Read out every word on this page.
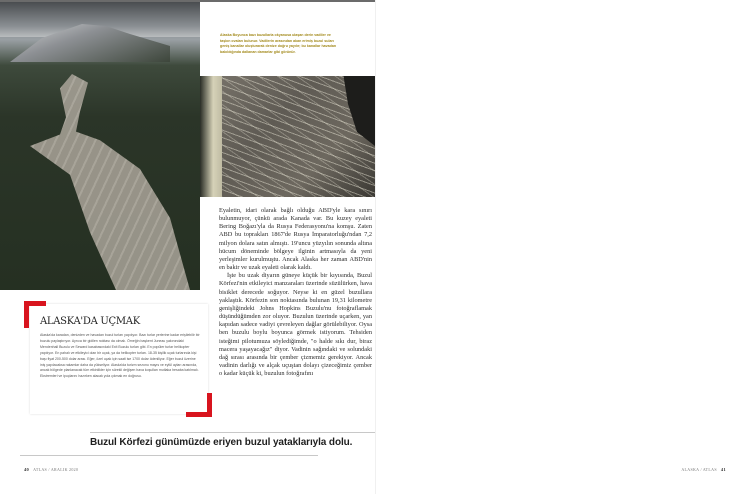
Alaska Boyunca bazı buzullarla okyanusa ulaşan derin vadiler ve taşkın ovaları bulunur. Vadilerin arasından akan erimiş buzul suları geniş kanallar oluşturarak denize doğru yayılır; bu kanallar havadan bakıldığında dallanan damarlar gibi görünür.

Eyaletin, idari olarak bağlı olduğu ABD'yle kara sınırı bulunmuyor, çünkü arada Kanada var. Bu kuzey eyaleti Bering Boğazı'yla da Rusya Federasyonu'na komşu. Zaten ABD bu toprakları 1867'de Rusya İmparatorluğu'ndan 7,2 milyon dolara satın almıştı. 19'uncu yüzyılın sonunda altına hücum döneminde bölgeye ilginin artmasıyla da yeni yerleşimler kurulmuştu. Ancak Alaska her zaman ABD'nin en bakir ve uzak eyaleti olarak kaldı.

İşte bu uzak diyarın güneye küçük bir kıyısında, Buzul Körfezi'nin etkileyici manzaraları üzerinde süzülürken, hava bisiklet derecede soğuyor. Neyse ki en güzel buzullara yaklaştık. Körfezin son noktasında bulunan 19,31 kilometre genişliğindeki Johns Hopkins Buzulu'nu fotoğraflamak düşündüğümden zor oluyor. Buzulun üzerinde uçarken, yan kapıdan sadece vadiyi çevreleyen dağlar görülebiliyor. Oysa ben buzulu boylu boyunca görmek istiyorum. Tehsiden isteğimi pilotumuza söylediğimde, "o halde sıkı dur, biraz macera yaşayacağız" diyor. Vadinin sağındaki ve solundaki dağ sırası arasında bir çember çizmemiz gerekiyor. Ancak vadinin darlığı ve alçak uçuştan dolayı çizeceğimiz çember o kadar küçük ki, buzulun fotoğrafını

ALASKA'DA UÇMAK
Alaska'da karadan, denizden ve havadan buzul turları yapılıyor. Bazı turlar yerlerine kadar erişilebilir bir buzulu paylaştırıyor. Ayrıca bir gidilen noktası da olmalı. Örneğin başkent Juneau yakınındaki Mendenhall Buzulu ve Seward kasabasındaki Exit Buzulu turları gibi. En popüler turlar helikopter yapılıyor. En pahalı ve etkileyici olan bir uçak, ya da helikopter turları. 18-35 kişilik uçak turlarında kişi başı fiyat 200-500 dolar arası. Eğer, özel uçak için saati ise 1700 dolar ödeniliyor. Eğer buzul üzerine iniş yapılacaksa rakamlar daha da yükseliyor. Alaska'da turizm sezonu mayıs ve eylül ayları arasında, ancak bölgede planlanacak tüm etkinlikler için sürekli değişen hava koşulları mutlaka hesaba katılmalı. Ekstremleri ve ipuçlarını hazırken alacak yola çıkmak en doğrusu.
Buzul Körfezi günümüzde eriyen buzul yataklarıyla dolu.
40 ATLAS / ARALIK 2020	ALASKA / ATLAS 41
